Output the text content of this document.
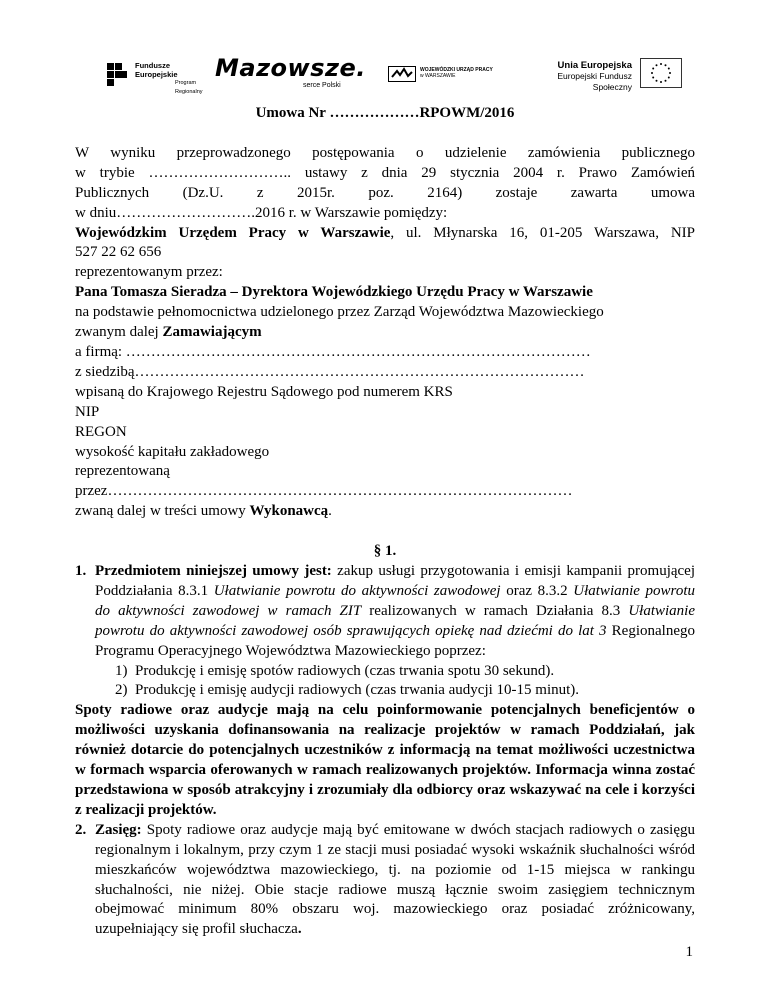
Fundusze
Europejskie
Program Regionalny
Mazowsze.
serce Polski
WOJEWÓDZKI URZĄD PRACY
w WARSZAWIE
Unia Europejska
Europejski Fundusz Społeczny

Umowa Nr ………………RPOWM/2016

W wyniku przeprowadzonego postępowania o udzielenie zamówienia publicznego

w trybie ……………………….. ustawy z dnia 29 stycznia 2004 r. Prawo Zamówień

Publicznych (Dz.U. z 2015r. poz. 2164) zostaje zawarta umowa

w dniu……………………….2016 r. w Warszawie pomiędzy:

Wojewódzkim Urzędem Pracy w Warszawie, ul. Młynarska 16, 01-205 Warszawa, NIP

527 22 62 656

reprezentowanym przez:

Pana Tomasza Sieradza – Dyrektora Wojewódzkiego Urzędu Pracy w Warszawie

na podstawie pełnomocnictwa udzielonego przez Zarząd Województwa Mazowieckiego

zwanym dalej Zamawiającym

a firmą: …………………………………………………………………………………

z siedzibą………………………………………………………………………………

wpisaną do Krajowego Rejestru Sądowego pod numerem KRS

NIP

REGON

wysokość kapitału zakładowego

reprezentowaną

przez…………………………………………………………………………………

zwaną dalej w treści umowy Wykonawcą.

§ 1.

1. Przedmiotem niniejszej umowy jest: zakup usługi przygotowania i emisji kampanii promującej Poddziałania 8.3.1 Ułatwianie powrotu do aktywności zawodowej oraz 8.3.2 Ułatwianie powrotu do aktywności zawodowej w ramach ZIT realizowanych w ramach Działania 8.3 Ułatwianie powrotu do aktywności zawodowej osób sprawujących opiekę nad dziećmi do lat 3 Regionalnego Programu Operacyjnego Województwa Mazowieckiego poprzez:

1) Produkcję i emisję spotów radiowych (czas trwania spotu 30 sekund).
2) Produkcję i emisję audycji radiowych (czas trwania audycji 10-15 minut).

Spoty radiowe oraz audycje mają na celu poinformowanie potencjalnych beneficjentów o możliwości uzyskania dofinansowania na realizacje projektów w ramach Poddziałań, jak również dotarcie do potencjalnych uczestników z informacją na temat możliwości uczestnictwa w formach wsparcia oferowanych w ramach realizowanych projektów. Informacja winna zostać przedstawiona w sposób atrakcyjny i zrozumiały dla odbiorcy oraz wskazywać na cele i korzyści z realizacji projektów.

2. Zasięg: Spoty radiowe oraz audycje mają być emitowane w dwóch stacjach radiowych o zasięgu regionalnym i lokalnym, przy czym 1 ze stacji musi posiadać wysoki wskaźnik słuchalności wśród mieszkańców województwa mazowieckiego, tj. na poziomie od 1-15 miejsca w rankingu słuchalności, nie niżej. Obie stacje radiowe muszą łącznie swoim zasięgiem technicznym obejmować minimum 80% obszaru woj. mazowieckiego oraz posiadać zróżnicowany, uzupełniający się profil słuchacza.

1
